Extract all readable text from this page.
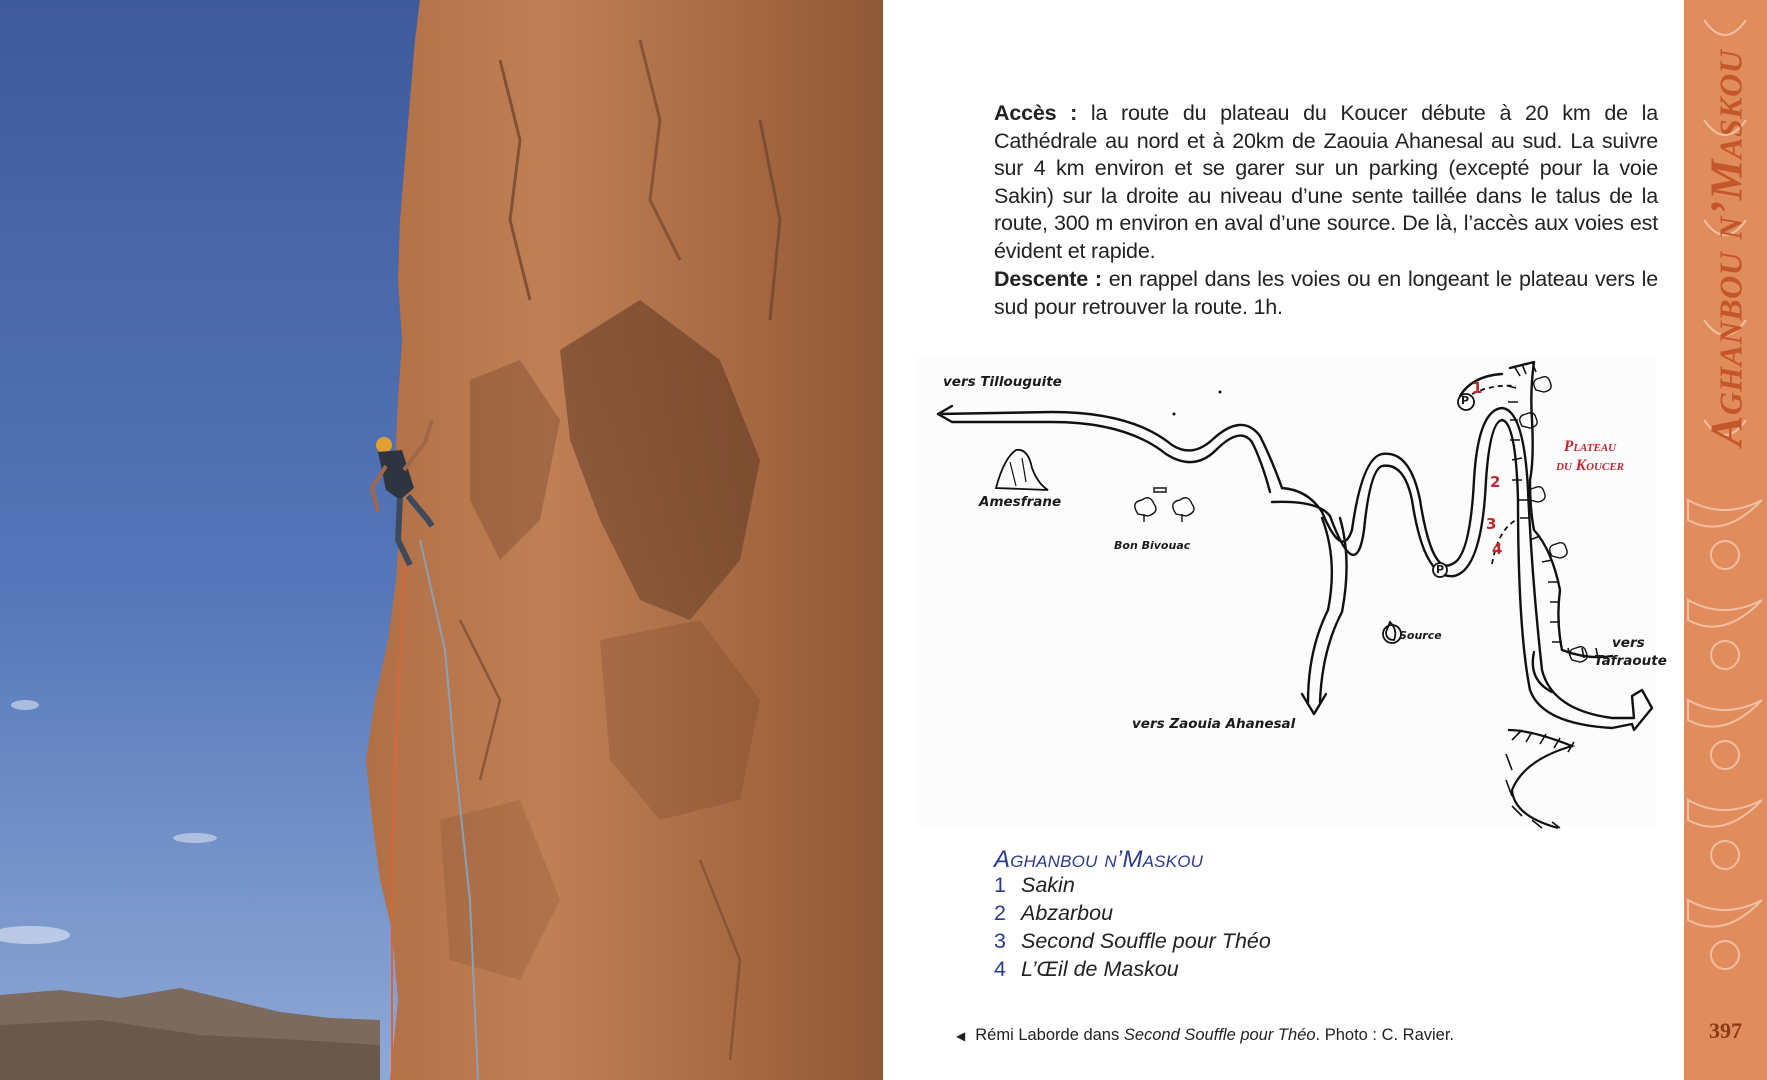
Accès : la route du plateau du Koucer débute à 20 km de la Cathédrale au nord et à 20km de Zaouia Ahanesal au sud. La suivre sur 4 km environ et se garer sur un parking (excepté pour la voie Sakin) sur la droite au niveau d’une sente taillée dans le talus de la route, 300 m environ en aval d’une source. De là, l’accès aux voies est évident et rapide.

Descente : en rappel dans les voies ou en longeant le plateau vers le sud pour retrouver la route. 1h.

vers Tillouguite
Amesfrane
Bon Bivouac
vers Zaouia Ahanesal
Source	vers
Tafraoute
P
P
1
2
3
4
Plateau
du Koucer
Aghanbou n’Maskou
1 Sakin
2 Abzarbou
3 Second Souffle pour Théo
4 L’Œil de Maskou
◀ Rémi Laborde dans Second Souffle pour Théo. Photo : C. Ravier.
Aghanbou n’Maskou
397
